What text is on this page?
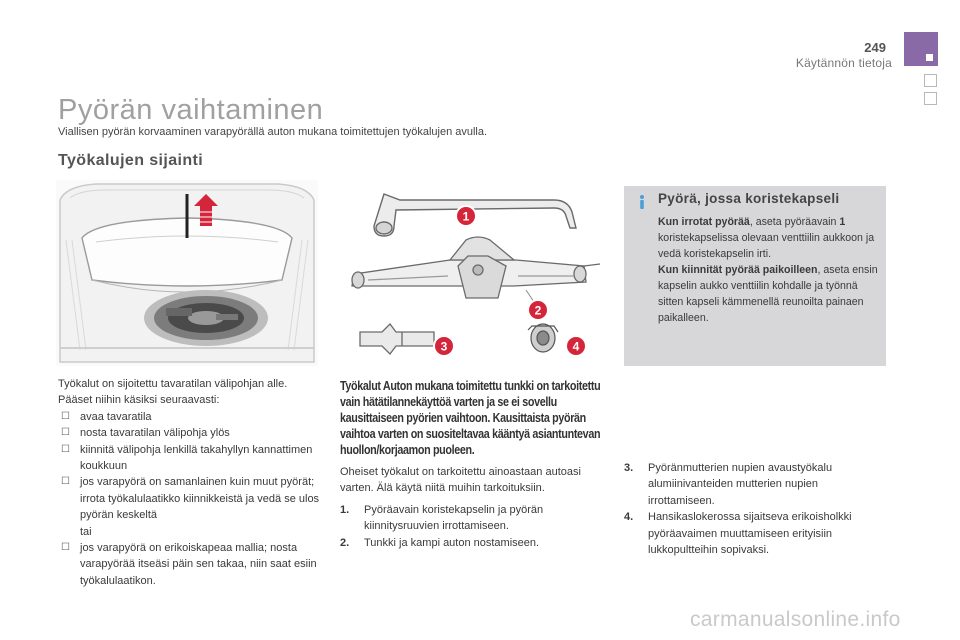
249
Käytännön tietoja
Pyörän vaihtaminen
Viallisen pyörän korvaaminen varapyörällä auton mukana toimitettujen työkalujen avulla.
Työkalujen sijainti
1
2
3	4
Pyörä, jossa koristekapseli
Kun irrotat pyörää, aseta pyöräavain 1 koristekapselissa olevaan venttiilin aukkoon ja vedä koristekapselin irti.
Kun kiinnität pyörää paikoilleen, aseta ensin kapselin aukko venttiilin kohdalle ja työnnä sitten kapseli kämmenellä reunoilta painaen paikalleen.
Työkalut on sijoitettu tavaratilan välipohjan alle.
Pääset niihin käsiksi seuraavasti:
☐ avaa tavaratila
☐ nosta tavaratilan välipohja ylös
☐ kiinnitä välipohja lenkillä takahyllyn kannattimen koukkuun
☐ jos varapyörä on samanlainen kuin muut pyörät; irrota työkalulaatikko kiinnikkeistä ja vedä se ulos pyörän keskeltä
tai
☐ jos varapyörä on erikoiskapeaa mallia; nosta varapyörää itseäsi päin sen takaa, niin saat esiin työkalulaatikon.
Työkalut Auton mukana toimitettu tunkki on tarkoitettu vain hätätilannekäyttöä varten ja se ei sovellu kausittaiseen pyörien vaihtoon. Kausittaista pyörän vaihtoa varten on suositeltavaa kääntyä asiantuntevan huollon/korjaamon puoleen.
Oheiset työkalut on tarkoitettu ainoastaan autoasi varten. Älä käytä niitä muihin tarkoituksiin.
1. Pyöräavain koristekapselin ja pyörän kiinnitysruuvien irrottamiseen.
2. Tunkki ja kampi auton nostamiseen.
3. Pyöränmutterien nupien avaustyökalu alumiinivanteiden mutterien nupien irrottamiseen.
4. Hansikaslokerossa sijaitseva erikoisholkki pyöräavaimen muuttamiseen erityisiin lukkopultteihin sopivaksi.
carmanualsonline.info
